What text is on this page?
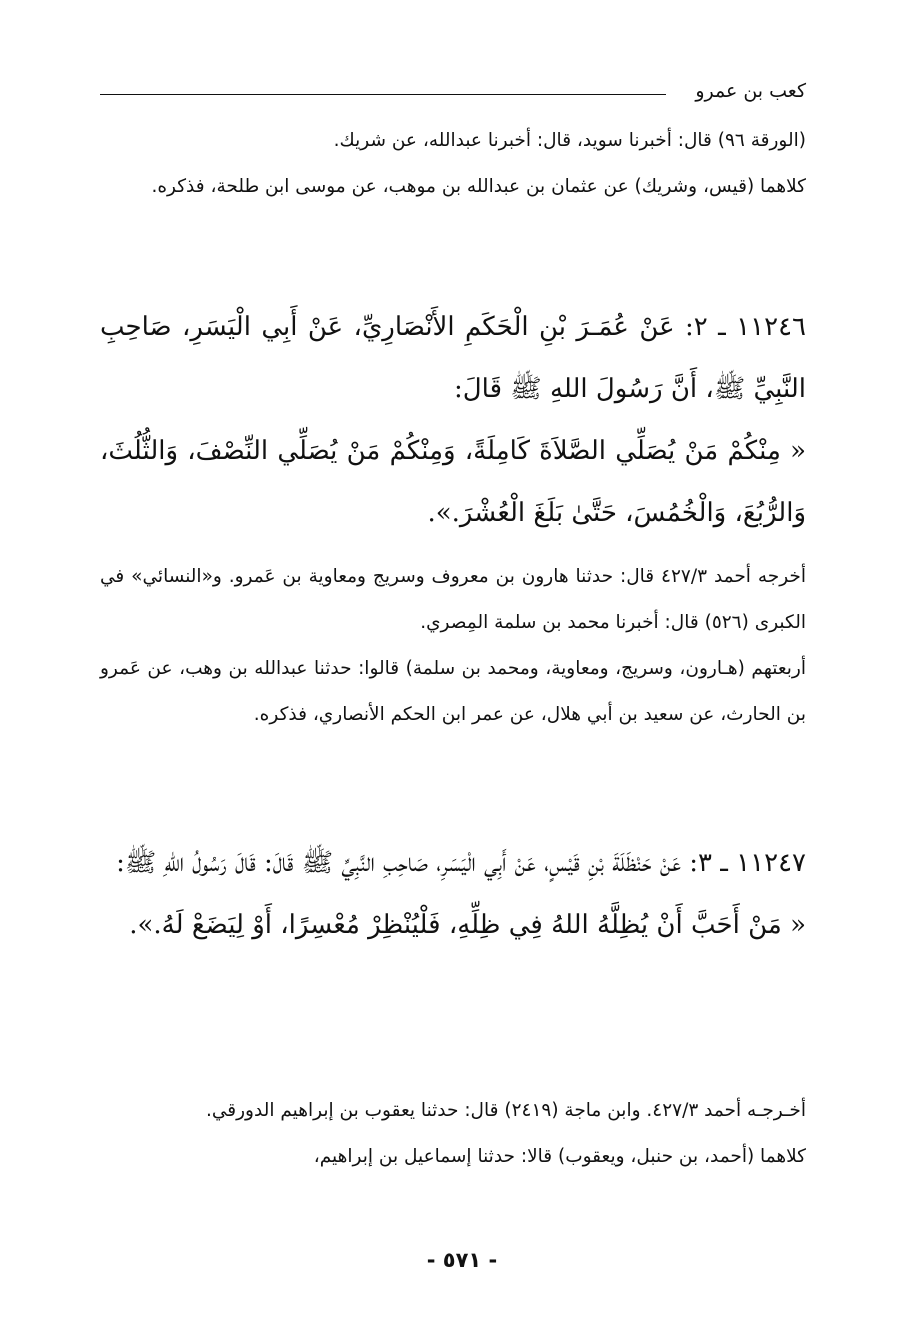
كعب بن عمرو

(الورقة ٩٦) قال: أخبرنا سويد، قال: أخبرنا عبدالله، عن شريك.

كلاهما (قيس، وشريك) عن عثمان بن عبدالله بن موهب، عن موسى ابن طلحة، فذكره.

١١٢٤٦ ـ ٢: عَنْ عُمَـرَ بْنِ الْحَكَمِ الأَنْصَارِيِّ، عَنْ أَبِي الْيَسَرِ، صَاحِبِ النَّبِيِّ ﷺ، أَنَّ رَسُولَ اللهِ ﷺ قَالَ:

« مِنْكُمْ مَنْ يُصَلِّي الصَّلاَةَ كَامِلَةً، وَمِنْكُمْ مَنْ يُصَلِّي النِّصْفَ، وَالثُّلُثَ، وَالرُّبُعَ، وَالْخُمُسَ، حَتَّىٰ بَلَغَ الْعُشْرَ.».

أخرجه أحمد ٤٢٧/٣ قال: حدثنا هارون بن معروف وسريج ومعاوية بن عَمرو. و«النسائي» في الكبرى (٥٢٦) قال: أخبرنا محمد بن سلمة المِصري.

أربعتهم (هـارون، وسريج، ومعاوية، ومحمد بن سلمة) قالوا: حدثنا عبدالله بن وهب، عن عَمرو بن الحارث، عن سعيد بن أبي هلال، عن عمر ابن الحكم الأنصاري، فذكره.

١١٢٤٧ ـ ٣: عَنْ حَنْظَلَةَ بْنِ قَيْسٍ، عَنْ أَبِي الْيَسَرِ، صَاحِبِ النَّبِيِّ ﷺ قَالَ: قَالَ رَسُولُ اللهِ ﷺ:

« مَنْ أَحَبَّ أَنْ يُظِلَّهُ اللهُ فِي ظِلِّهِ، فَلْيُنْظِرْ مُعْسِرًا، أَوْ لِيَضَعْ لَهُ.».

أخـرجـه أحمد ٤٢٧/٣. وابن ماجة (٢٤١٩) قال: حدثنا يعقوب بن إبراهيم الدورقي.

كلاهما (أحمد، بن حنبل، ويعقوب) قالا: حدثنا إسماعيل بن إبراهيم،

- ٥٧١ -
